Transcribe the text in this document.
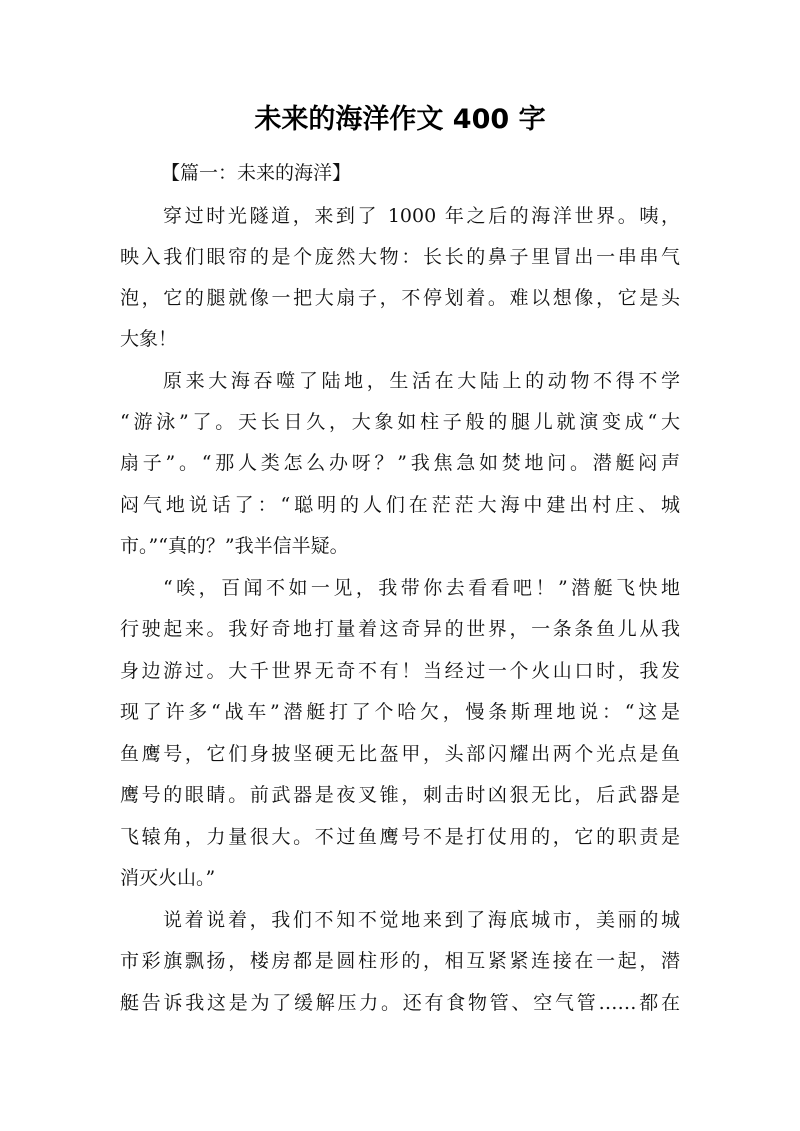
未来的海洋作文 400 字
【篇一：未来的海洋】
穿过时光隧道，来到了 1000 年之后的海洋世界。咦，
映入我们眼帘的是个庞然大物：长长的鼻子里冒出一串串气
泡，它的腿就像一把大扇子，不停划着。难以想像，它是头
大象！
原来大海吞噬了陆地，生活在大陆上的动物不得不学
“游泳”了。天长日久，大象如柱子般的腿儿就演变成“大
扇子”。“那人类怎么办呀？”我焦急如焚地问。潜艇闷声
闷气地说话了：“聪明的人们在茫茫大海中建出村庄、城
市。”“真的？”我半信半疑。
“唉，百闻不如一见，我带你去看看吧！”潜艇飞快地
行驶起来。我好奇地打量着这奇异的世界，一条条鱼儿从我
身边游过。大千世界无奇不有！当经过一个火山口时，我发
现了许多“战车”潜艇打了个哈欠，慢条斯理地说：“这是
鱼鹰号，它们身披坚硬无比盔甲，头部闪耀出两个光点是鱼
鹰号的眼睛。前武器是夜叉锥，刺击时凶狠无比，后武器是
飞辕角，力量很大。不过鱼鹰号不是打仗用的，它的职责是
消灭火山。”
说着说着，我们不知不觉地来到了海底城市，美丽的城
市彩旗飘扬，楼房都是圆柱形的，相互紧紧连接在一起，潜
艇告诉我这是为了缓解压力。还有食物管、空气管……都在
